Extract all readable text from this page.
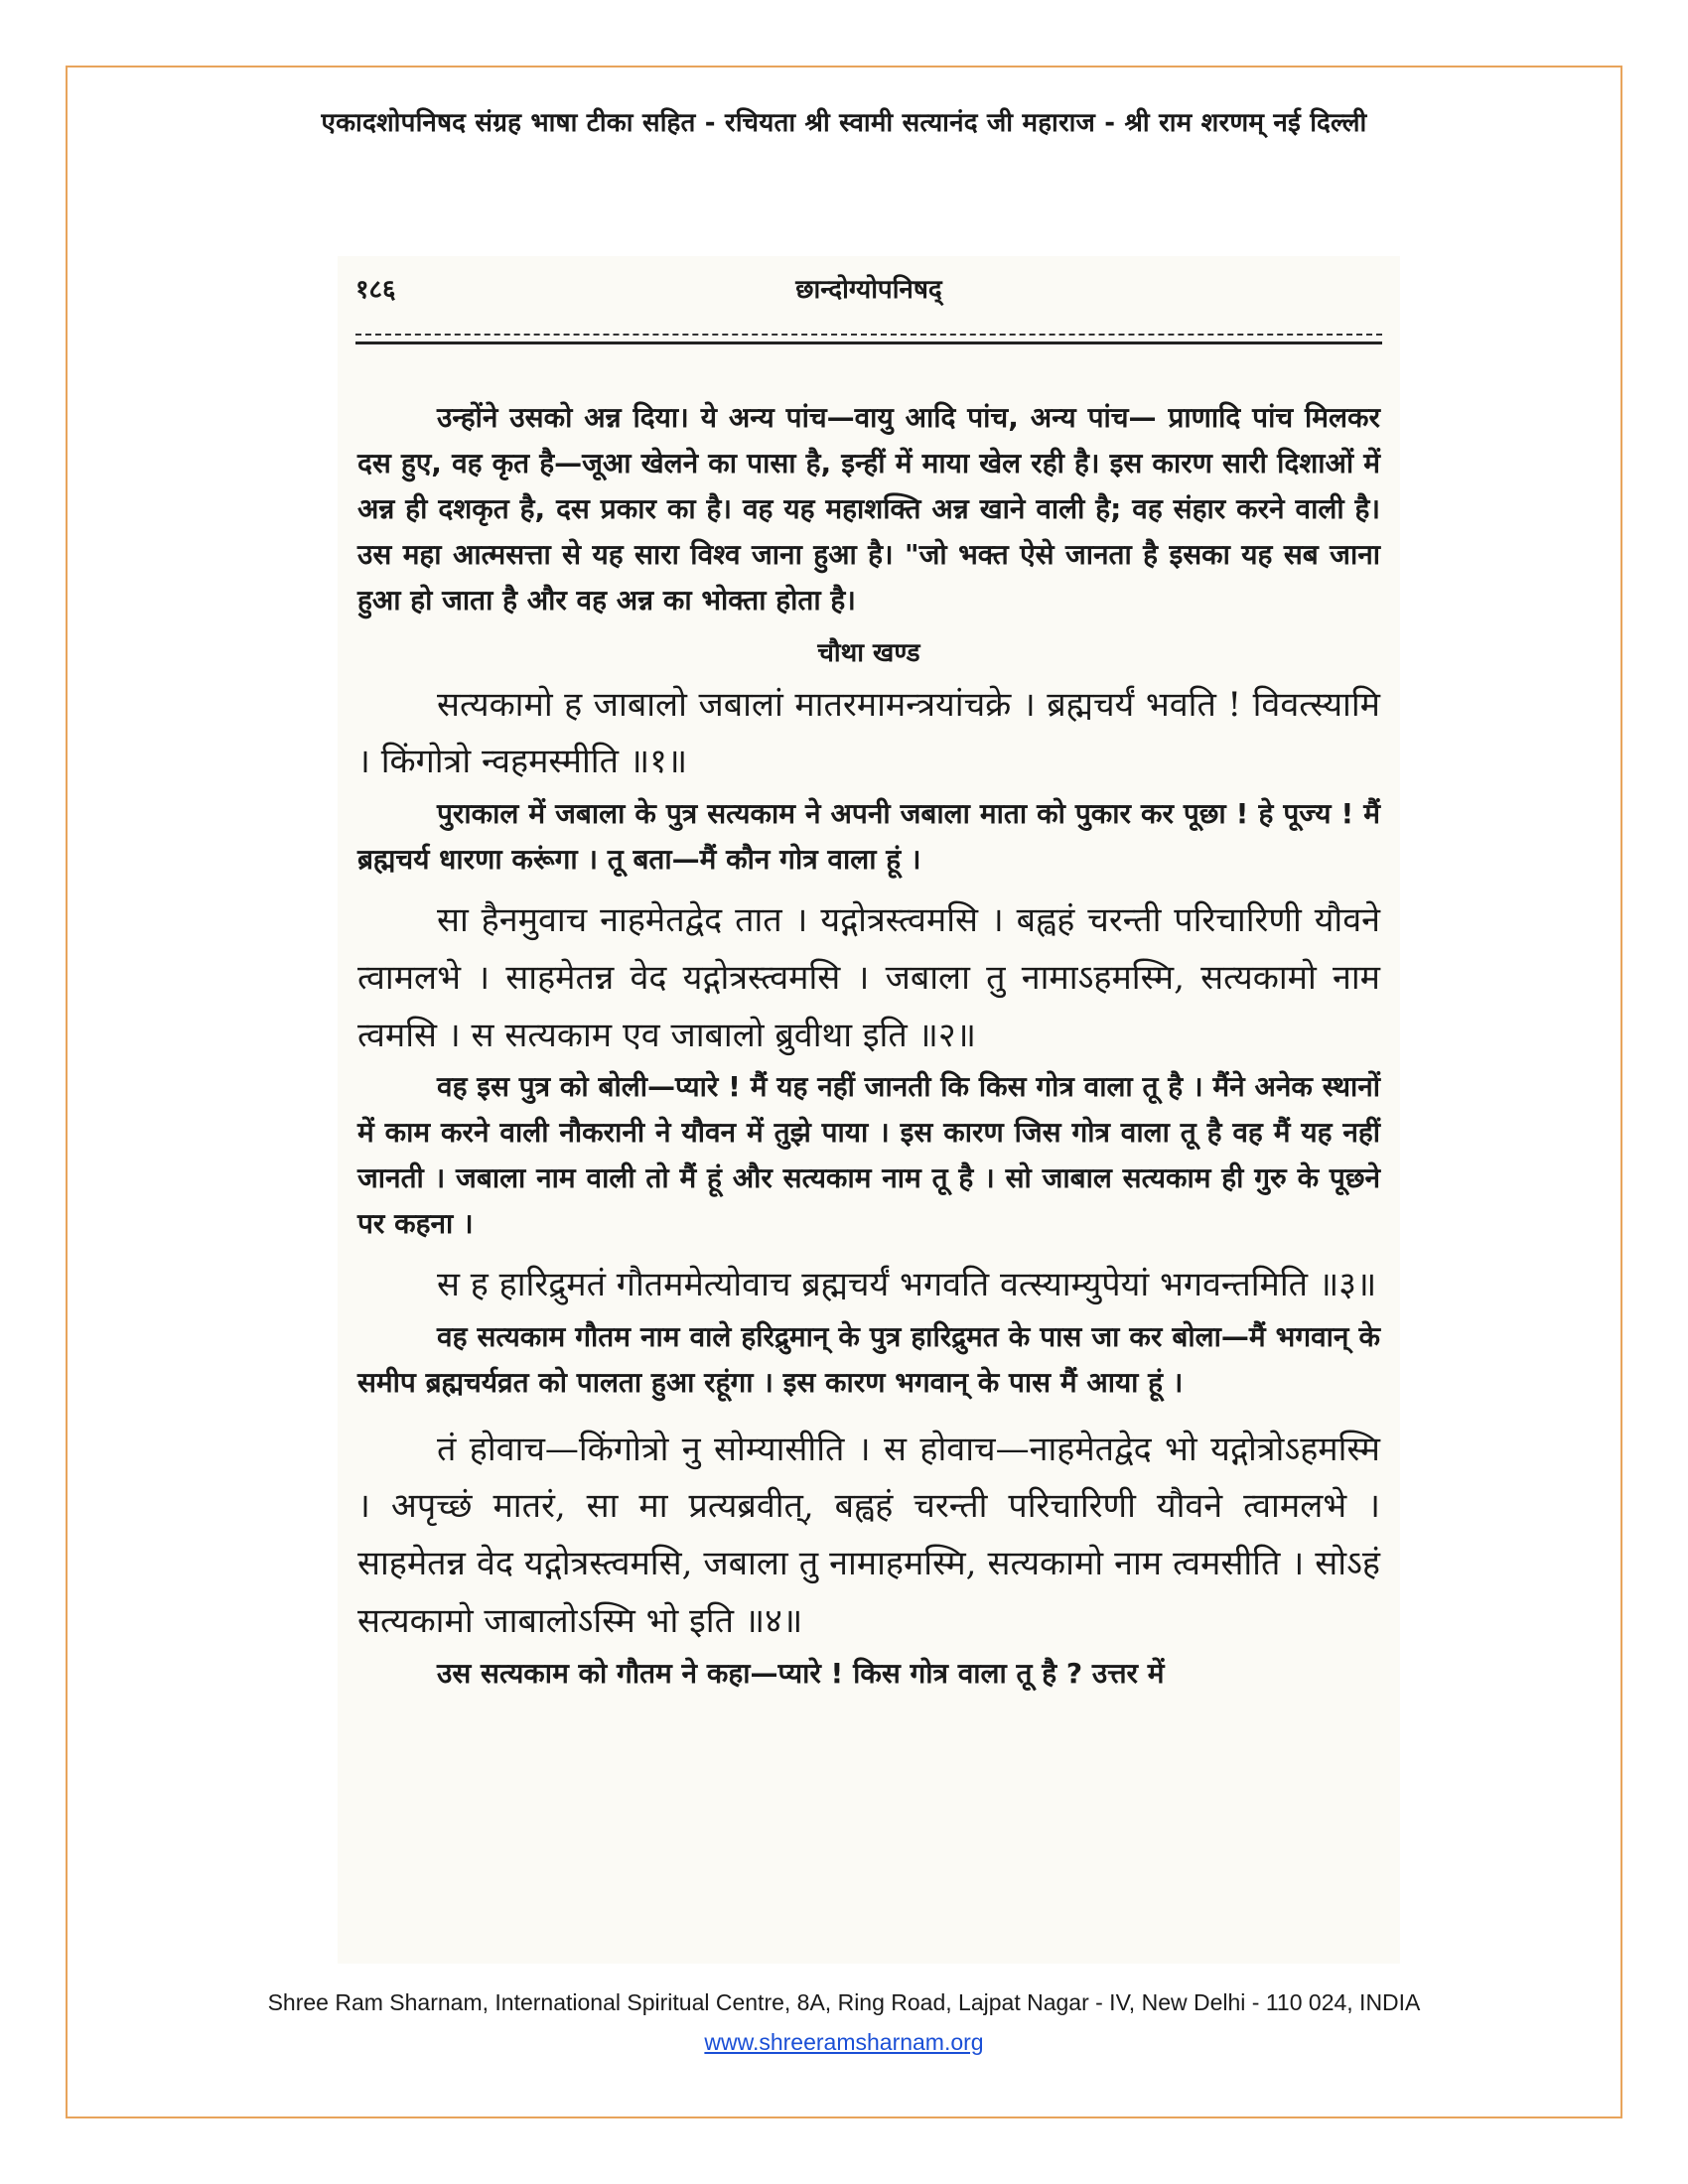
एकादशोपनिषद संग्रह भाषा टीका सहित - रचियता श्री स्वामी सत्यानंद जी महाराज - श्री राम शरणम् नई दिल्ली
१८६	छान्दोग्योपनिषद्

उन्होंने उसको अन्न दिया। ये अन्य पांच—वायु आदि पांच, अन्य पांच— प्राणादि पांच मिलकर दस हुए, वह कृत है—जूआ खेलने का पासा है, इन्हीं में माया खेल रही है। इस कारण सारी दिशाओं में अन्न ही दशकृत है, दस प्रकार का है। वह यह महाशक्ति अन्न खाने वाली है; वह संहार करने वाली है। उस महा आत्मसत्ता से यह सारा विश्व जाना हुआ है। "जो भक्त ऐसे जानता है इसका यह सब जाना हुआ हो जाता है और वह अन्न का भोक्ता होता है।

चौथा खण्ड

सत्यकामो ह जाबालो जबालां मातरमामन्त्रयांचक्रे । ब्रह्मचर्यं भवति ! विवत्स्यामि । किंगोत्रो न्वहमस्मीति ॥१॥

पुराकाल में जबाला के पुत्र सत्यकाम ने अपनी जबाला माता को पुकार कर पूछा ! हे पूज्य ! मैं ब्रह्मचर्य धारणा करूंगा । तू बता—मैं कौन गोत्र वाला हूं ।

सा हैनमुवाच नाहमेतद्वेद तात । यद्गोत्रस्त्वमसि । बह्वहं चरन्ती परिचारिणी यौवने त्वामलभे । साहमेतन्न वेद यद्गोत्रस्त्वमसि । जबाला तु नामाऽहमस्मि, सत्यकामो नाम त्वमसि । स सत्यकाम एव जाबालो ब्रुवीथा इति ॥२॥

वह इस पुत्र को बोली—प्यारे ! मैं यह नहीं जानती कि किस गोत्र वाला तू है । मैंने अनेक स्थानों में काम करने वाली नौकरानी ने यौवन में तुझे पाया । इस कारण जिस गोत्र वाला तू है वह मैं यह नहीं जानती । जबाला नाम वाली तो मैं हूं और सत्यकाम नाम तू है । सो जाबाल सत्यकाम ही गुरु के पूछने पर कहना ।

स ह हारिद्रुमतं गौतममेत्योवाच ब्रह्मचर्यं भगवति वत्स्याम्युपेयां भगवन्तमिति ॥३॥

वह सत्यकाम गौतम नाम वाले हरिद्रुमान् के पुत्र हारिद्रुमत के पास जा कर बोला—मैं भगवान् के समीप ब्रह्मचर्यव्रत को पालता हुआ रहूंगा । इस कारण भगवान् के पास मैं आया हूं ।

तं होवाच—किंगोत्रो नु सोम्यासीति । स होवाच—नाहमेतद्वेद भो यद्गोत्रोऽहमस्मि । अपृच्छं मातरं, सा मा प्रत्यब्रवीत्, बह्वहं चरन्ती परिचारिणी यौवने त्वामलभे । साहमेतन्न वेद यद्गोत्रस्त्वमसि, जबाला तु नामाहमस्मि, सत्यकामो नाम त्वमसीति । सोऽहं सत्यकामो जाबालोऽस्मि भो इति ॥४॥

उस सत्यकाम को गौतम ने कहा—प्यारे ! किस गोत्र वाला तू है ? उत्तर में

Shree Ram Sharnam, International Spiritual Centre, 8A, Ring Road, Lajpat Nagar - IV, New Delhi - 110 024, INDIA
www.shreeramsharnam.org
